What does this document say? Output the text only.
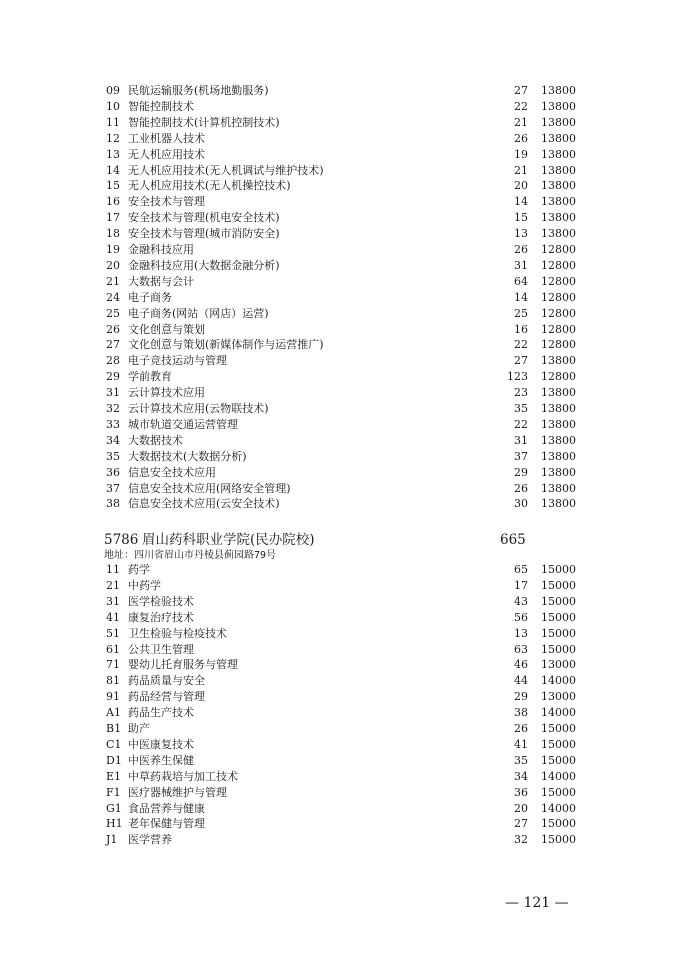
09 民航运输服务(机场地勤服务)	27 13800
10 智能控制技术	22 13800
11 智能控制技术(计算机控制技术)	21 13800
12 工业机器人技术	26 13800
13 无人机应用技术	19 13800
14 无人机应用技术(无人机调试与维护技术)	21 13800
15 无人机应用技术(无人机操控技术)	20 13800
16 安全技术与管理	14 13800
17 安全技术与管理(机电安全技术)	15 13800
18 安全技术与管理(城市消防安全)	13 13800
19 金融科技应用	26 12800
20 金融科技应用(大数据金融分析)	31 12800
21 大数据与会计	64 12800
24 电子商务	14 12800
25 电子商务(网站（网店）运营)	25 12800
26 文化创意与策划	16 12800
27 文化创意与策划(新媒体制作与运营推广)	22 12800
28 电子竞技运动与管理	27 13800
29 学前教育	123 12800
31 云计算技术应用	23 13800
32 云计算技术应用(云物联技术)	35 13800
33 城市轨道交通运营管理	22 13800
34 大数据技术	31 13800
35 大数据技术(大数据分析)	37 13800
36 信息安全技术应用	29 13800
37 信息安全技术应用(网络安全管理)	26 13800
38 信息安全技术应用(云安全技术)	30 13800
5786 眉山药科职业学院(民办院校)	665
地址：四川省眉山市丹棱县蓟园路79号
11 药学	65 15000
21 中药学	17 15000
31 医学检验技术	43 15000
41 康复治疗技术	56 15000
51 卫生检验与检疫技术	13 15000
61 公共卫生管理	63 15000
71 婴幼儿托育服务与管理	46 13000
81 药品质量与安全	44 14000
91 药品经营与管理	29 13000
A1 药品生产技术	38 14000
B1 助产	26 15000
C1 中医康复技术	41 15000
D1 中医养生保健	35 15000
E1 中草药栽培与加工技术	34 14000
F1 医疗器械维护与管理	36 15000
G1 食品营养与健康	20 14000
H1 老年保健与管理	27 15000
J1 医学营养	32 15000
— 121 —
